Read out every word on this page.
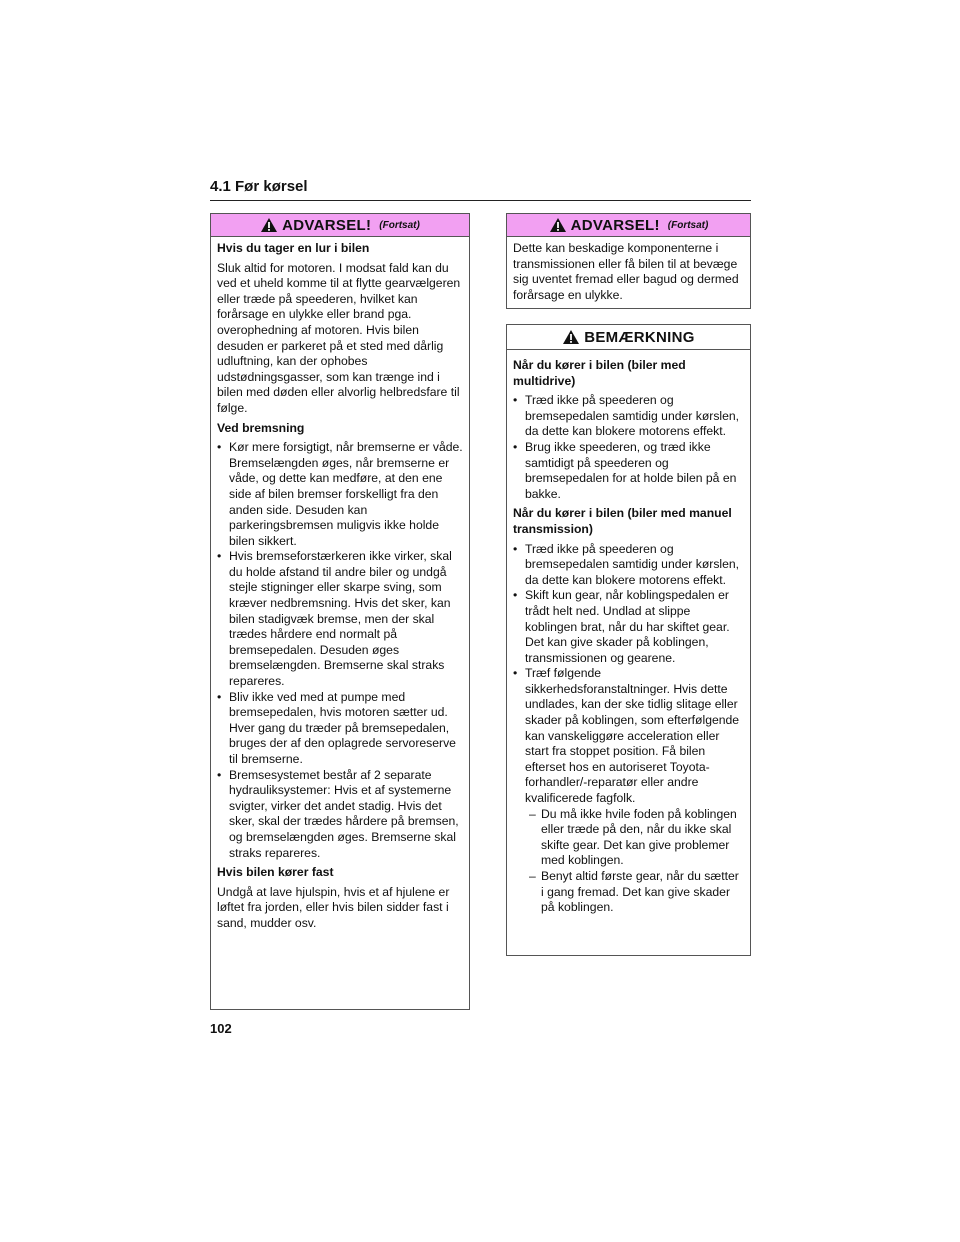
4.1 Før kørsel
ADVARSEL! (Fortsat)

Hvis du tager en lur i bilen

Sluk altid for motoren. I modsat fald kan du ved et uheld komme til at flytte gearvælgeren eller træde på speederen, hvilket kan forårsage en ulykke eller brand pga. overophedning af motoren. Hvis bilen desuden er parkeret på et sted med dårlig udluftning, kan der ophobes udstødningsgasser, som kan trænge ind i bilen med døden eller alvorlig helbredsfare til følge.

Ved bremsning

• Kør mere forsigtigt, når bremserne er våde. Bremselængden øges, når bremserne er våde, og dette kan medføre, at den ene side af bilen bremser forskelligt fra den anden side. Desuden kan parkeringsbremsen muligvis ikke holde bilen sikkert.
• Hvis bremseforstærkeren ikke virker, skal du holde afstand til andre biler og undgå stejle stigninger eller skarpe sving, som kræver nedbremsning. Hvis det sker, kan bilen stadigvæk bremse, men der skal trædes hårdere end normalt på bremsepedalen. Desuden øges bremselængden. Bremserne skal straks repareres.
• Bliv ikke ved med at pumpe med bremsepedalen, hvis motoren sætter ud. Hver gang du træder på bremsepedalen, bruges der af den oplagrede servoreserve til bremserne.
• Bremsesystemet består af 2 separate hydrauliksystemer: Hvis et af systemerne svigter, virker det andet stadig. Hvis det sker, skal der trædes hårdere på bremsen, og bremselængden øges. Bremserne skal straks repareres.

Hvis bilen kører fast

Undgå at lave hjulspin, hvis et af hjulene er løftet fra jorden, eller hvis bilen sidder fast i sand, mudder osv.

ADVARSEL! (Fortsat)

Dette kan beskadige komponenterne i transmissionen eller få bilen til at bevæge sig uventet fremad eller bagud og dermed forårsage en ulykke.

BEMÆRKNING

Når du kører i bilen (biler med multidrive)

• Træd ikke på speederen og bremsepedalen samtidig under kørslen, da dette kan blokere motorens effekt.
• Brug ikke speederen, og træd ikke samtidigt på speederen og bremsepedalen for at holde bilen på en bakke.

Når du kører i bilen (biler med manuel transmission)

• Træd ikke på speederen og bremsepedalen samtidig under kørslen, da dette kan blokere motorens effekt.
• Skift kun gear, når koblingspedalen er trådt helt ned. Undlad at slippe koblingen brat, når du har skiftet gear. Det kan give skader på koblingen, transmissionen og gearene.
• Træf følgende sikkerhedsforanstaltninger. Hvis dette undlades, kan der ske tidlig slitage eller skader på koblingen, som efterfølgende kan vanskeliggøre acceleration eller start fra stoppet position. Få bilen efterset hos en autoriseret Toyota-forhandler/-reparatør eller andre kvalificerede fagfolk.
– Du må ikke hvile foden på koblingen eller træde på den, når du ikke skal skifte gear. Det kan give problemer med koblingen.
– Benyt altid første gear, når du sætter i gang fremad. Det kan give skader på koblingen.
102
